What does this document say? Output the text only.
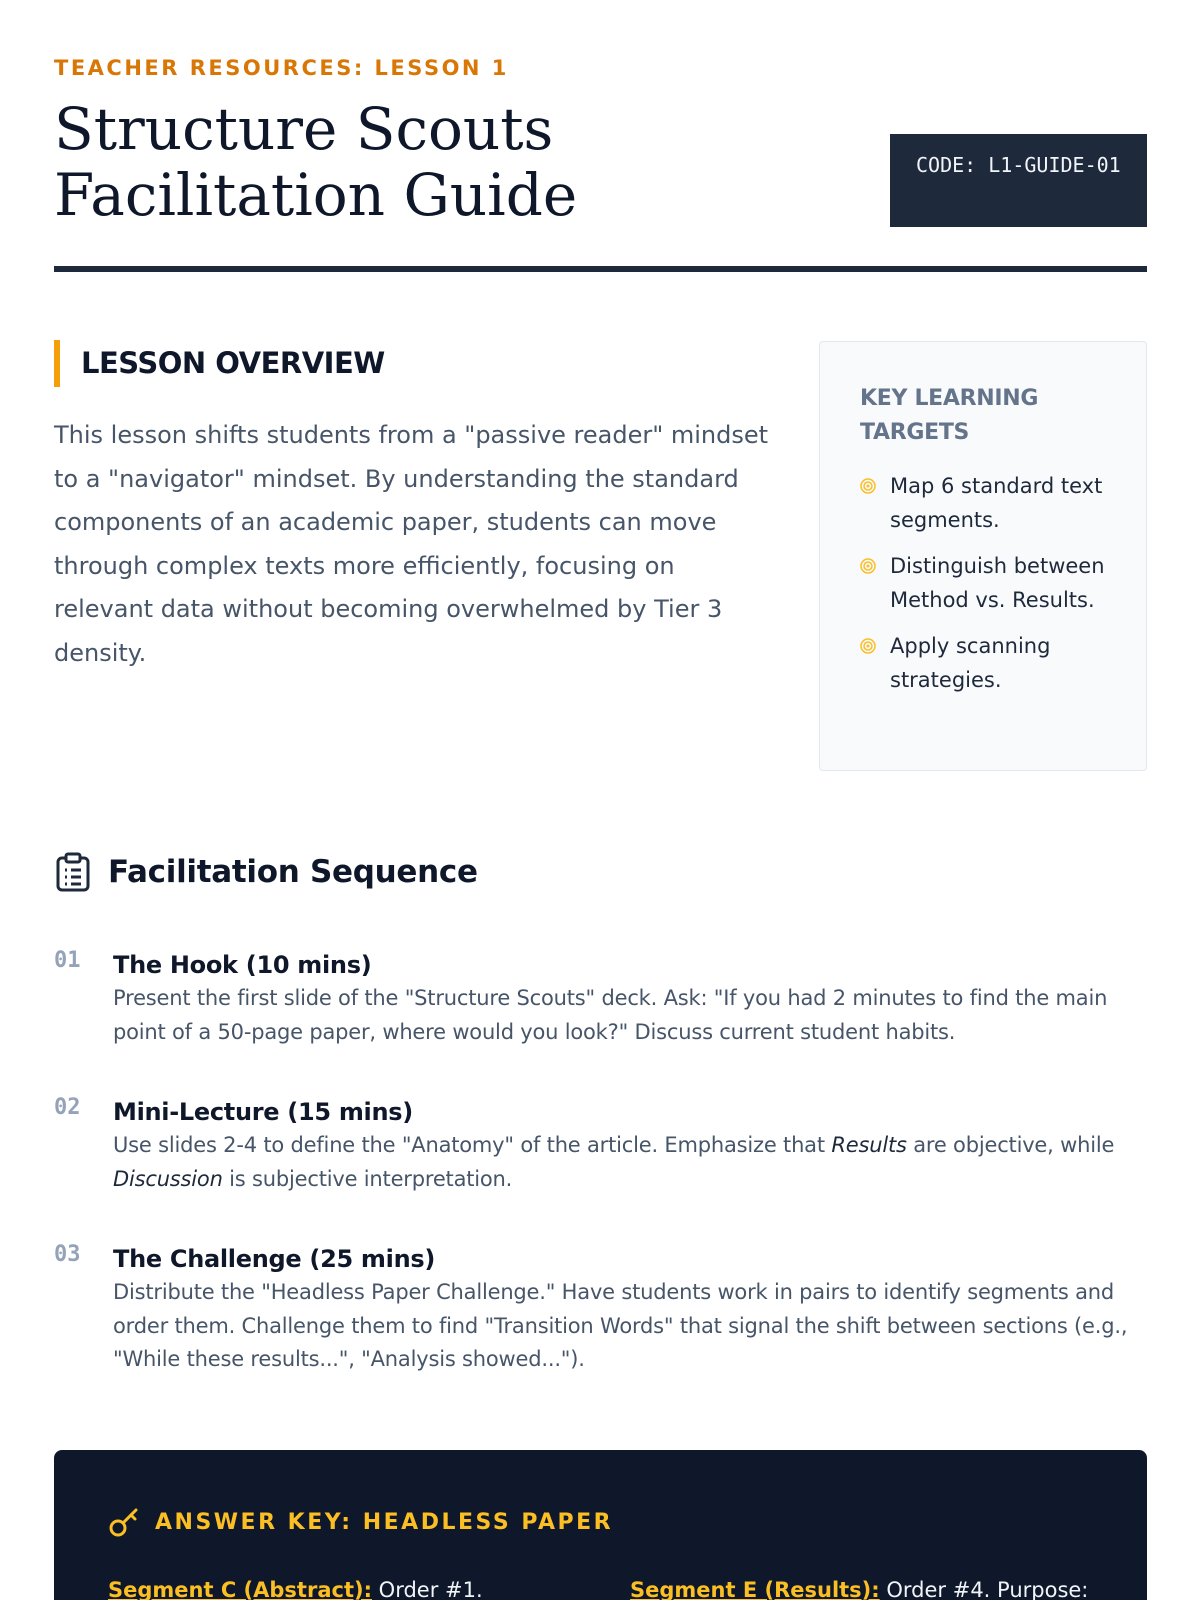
TEACHER RESOURCES: LESSON 1
Structure Scouts Facilitation Guide	CODE: L1-GUIDE-01
LESSON OVERVIEW

This lesson shifts students from a "passive reader" mindset to a "navigator" mindset. By understanding the standard components of an academic paper, students can move through complex texts more efficiently, focusing on relevant data without becoming overwhelmed by Tier 3 density.

KEY LEARNING TARGETS
Map 6 standard text segments.
Distinguish between Method vs. Results.
Apply scanning strategies.
Facilitation Sequence
01 The Hook (10 mins)

Present the first slide of the "Structure Scouts" deck. Ask: "If you had 2 minutes to find the main point of a 50-page paper, where would you look?" Discuss current student habits.

02 Mini-Lecture (15 mins)

Use slides 2-4 to define the "Anatomy" of the article. Emphasize that Results are objective, while Discussion is subjective interpretation.

03 The Challenge (25 mins)

Distribute the "Headless Paper Challenge." Have students work in pairs to identify segments and order them. Challenge them to find "Transition Words" that signal the shift between sections (e.g., "While these results...", "Analysis showed...").

ANSWER KEY: HEADLESS PAPER
Segment C (Abstract): Order #1.	Segment E (Results): Order #4. Purpose:
